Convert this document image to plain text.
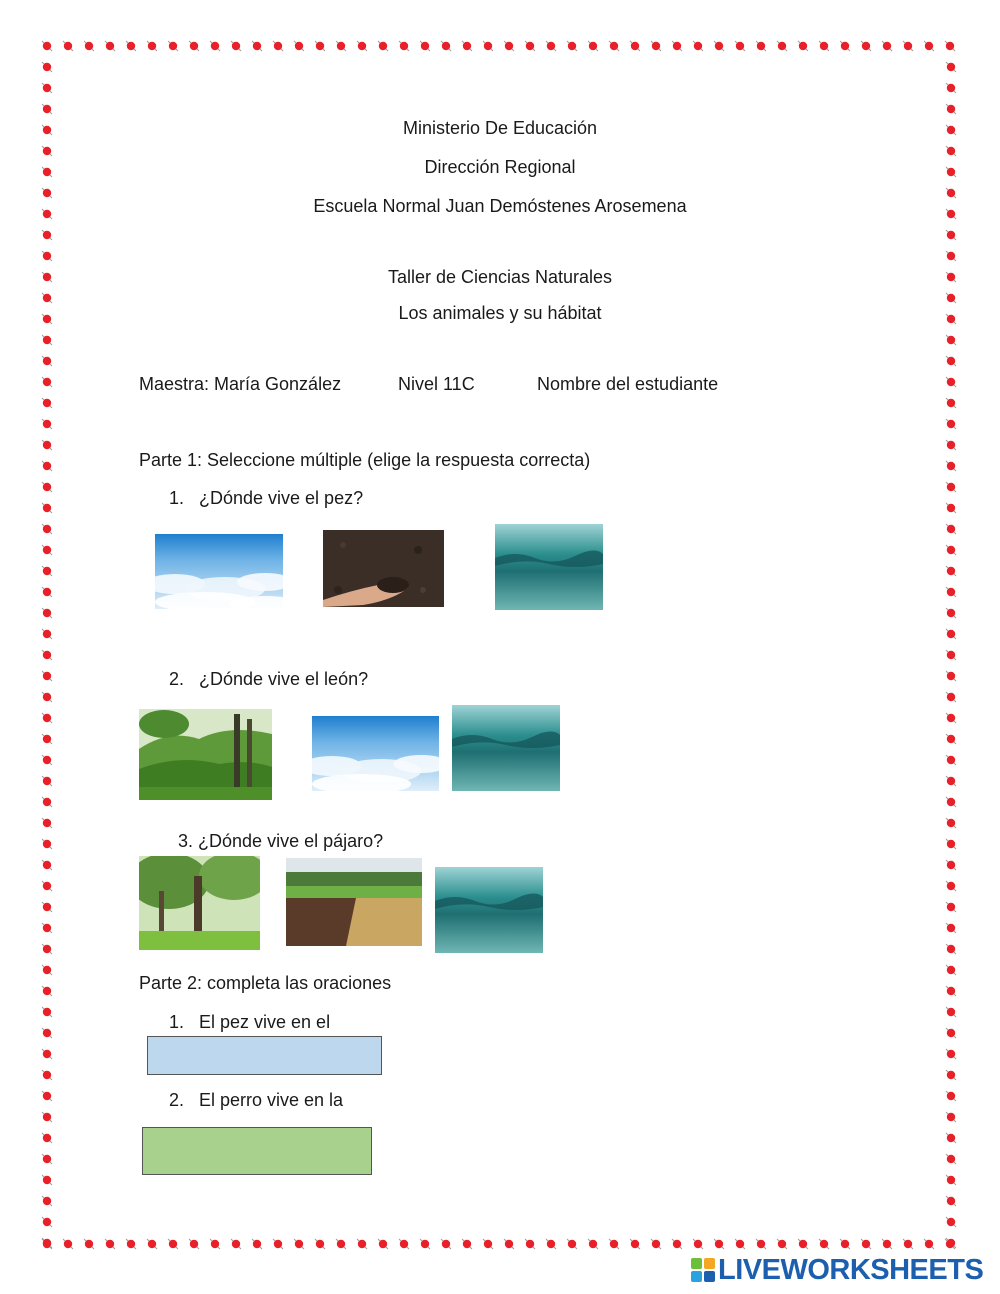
Ministerio De Educación
Dirección Regional
Escuela Normal Juan Demóstenes Arosemena
Taller de Ciencias Naturales
Los animales y su hábitat
Maestra: María González	Nivel 11C	Nombre del estudiante
Parte 1: Seleccione múltiple (elige la respuesta correcta)
1. ¿Dónde vive el pez?
2. ¿Dónde vive el león?
3. ¿Dónde vive el pájaro?
Parte 2: completa las oraciones
1. El pez vive en el
2. El perro vive en la
LIVEWORKSHEETS
